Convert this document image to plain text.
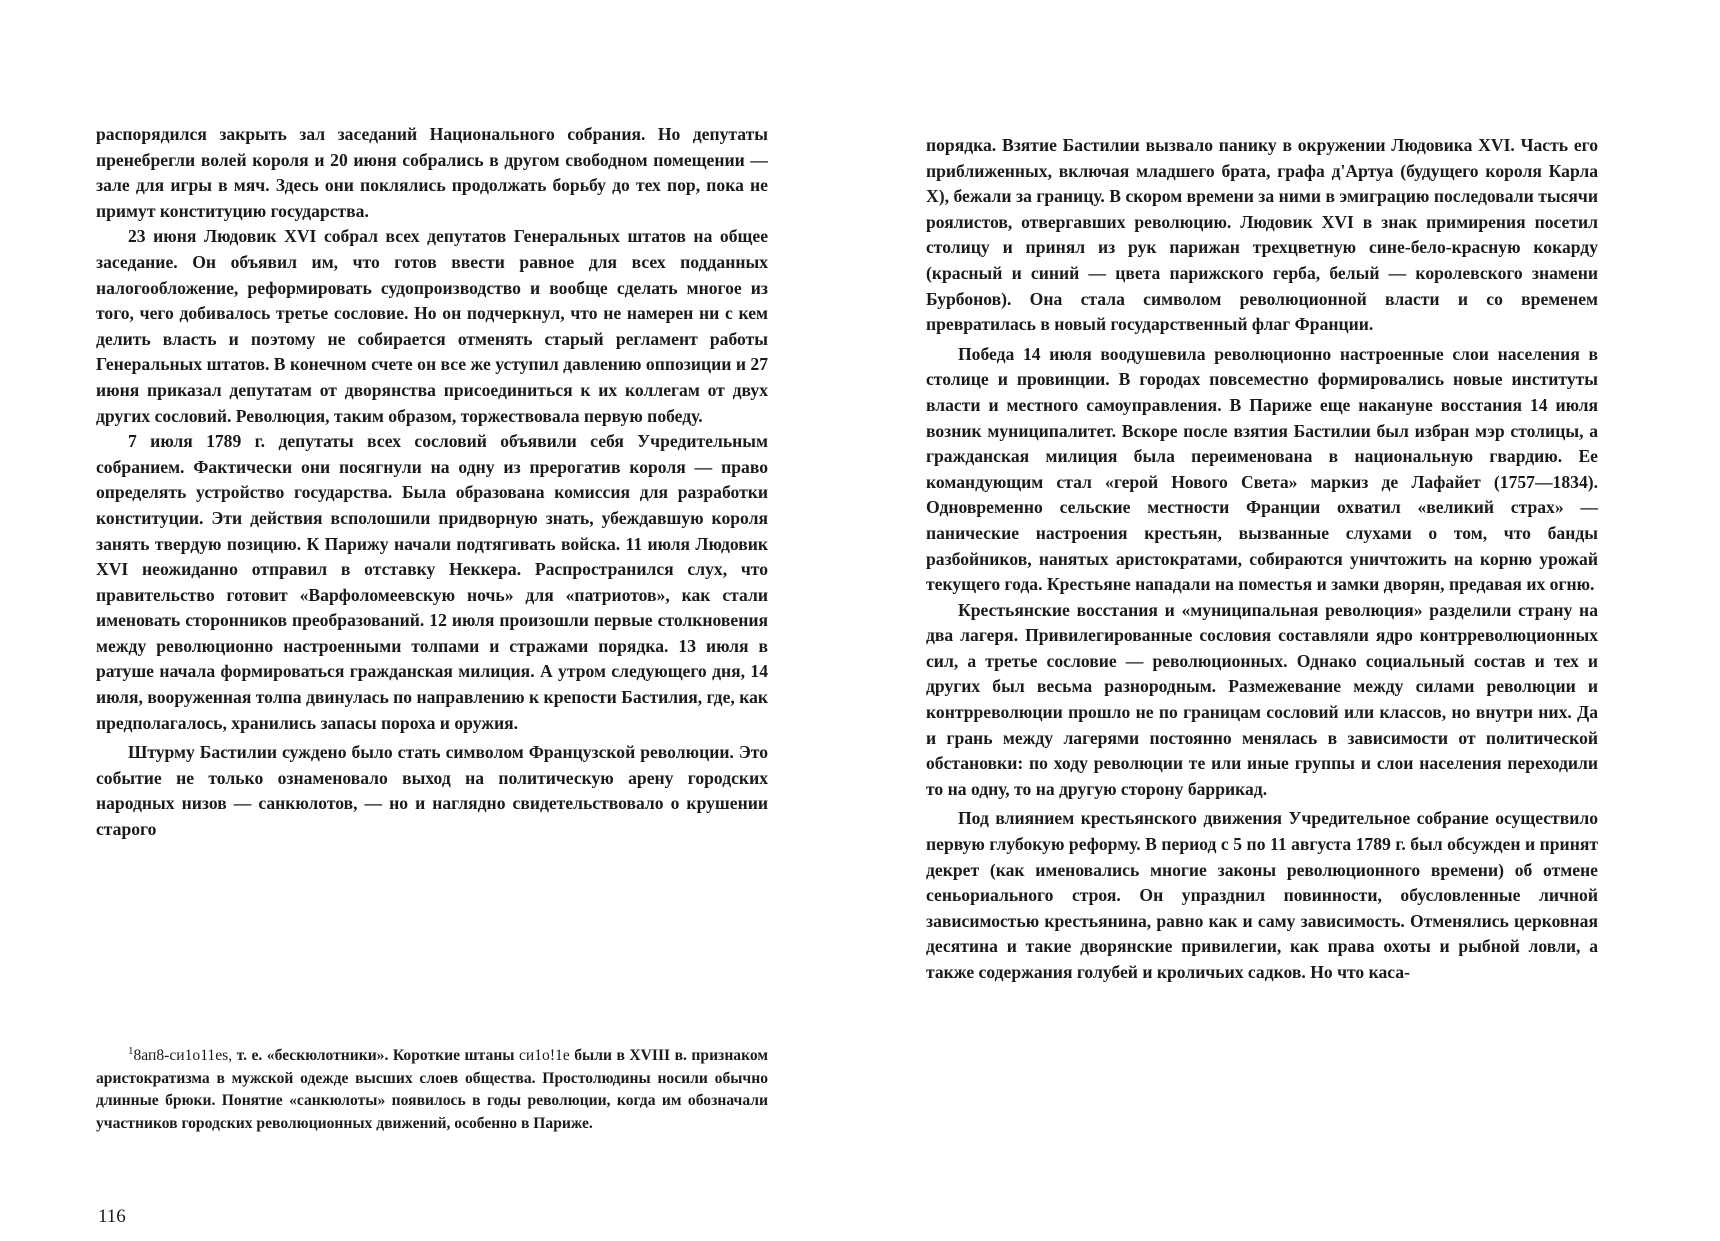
распорядился закрыть зал заседаний Национального собрания. Но депутаты пренебрегли волей короля и 20 июня собрались в другом свободном помещении — зале для игры в мяч. Здесь они поклялись продолжать борьбу до тех пор, пока не примут конституцию государства.

23 июня Людовик XVI собрал всех депутатов Генеральных штатов на общее заседание. Он объявил им, что готов ввести равное для всех подданных налогообложение, реформировать судопроизводство и вообще сделать многое из того, чего добивалось третье сословие. Но он подчеркнул, что не намерен ни с кем делить власть и поэтому не собирается отменять старый регламент работы Генеральных штатов. В конечном счете он все же уступил давлению оппозиции и 27 июня приказал депутатам от дворянства присоединиться к их коллегам от двух других сословий. Революция, таким образом, торжествовала первую победу.

7 июля 1789 г. депутаты всех сословий объявили себя Учредительным собранием. Фактически они посягнули на одну из прерогатив короля — право определять устройство государства. Была образована комиссия для разработки конституции. Эти действия всполошили придворную знать, убеждавшую короля занять твердую позицию. К Парижу начали подтягивать войска. 11 июля Людовик XVI неожиданно отправил в отставку Неккера. Распространился слух, что правительство готовит «Варфоломеевскую ночь» для «патриотов», как стали именовать сторонников преобразований. 12 июля произошли первые столкновения между революционно настроенными толпами и стражами порядка. 13 июля в ратуше начала формироваться гражданская милиция. А утром следующего дня, 14 июля, вооруженная толпа двинулась по направлению к крепости Бастилия, где, как предполагалось, хранились запасы пороха и оружия.

Штурму Бастилии суждено было стать символом Французской революции. Это событие не только ознаменовало выход на политическую арену городских народных низов — санкюлотов, — но и наглядно свидетельствовало о крушении старого

$^1$8ап8-си1о11еs, т. е. «бескюлотники». Короткие штаны си1о!1е были в XVIII в. признаком аристократизма в мужской одежде высших слоев общества. Простолюдины носили обычно длинные брюки. Понятие «санкюлоты» появилось в годы революции, когда им обозначали участников городских революционных движений, особенно в Париже.

116

порядка. Взятие Бастилии вызвало панику в окружении Людовика XVI. Часть его приближенных, включая младшего брата, графа д'Артуа (будущего короля Карла X), бежали за границу. В скором времени за ними в эмиграцию последовали тысячи роялистов, отвергавших революцию. Людовик XVI в знак примирения посетил столицу и принял из рук парижан трехцветную сине-бело-красную кокарду (красный и синий — цвета парижского герба, белый — королевского знамени Бурбонов). Она стала символом революционной власти и со временем превратилась в новый государственный флаг Франции.

Победа 14 июля воодушевила революционно настроенные слои населения в столице и провинции. В городах повсеместно формировались новые институты власти и местного самоуправления. В Париже еще накануне восстания 14 июля возник муниципалитет. Вскоре после взятия Бастилии был избран мэр столицы, а гражданская милиция была переименована в национальную гвардию. Ее командующим стал «герой Нового Света» маркиз де Лафайет (1757—1834). Одновременно сельские местности Франции охватил «великий страх» — панические настроения крестьян, вызванные слухами о том, что банды разбойников, нанятых аристократами, собираются уничтожить на корню урожай текущего года. Крестьяне нападали на поместья и замки дворян, предавая их огню.

Крестьянские восстания и «муниципальная революция» разделили страну на два лагеря. Привилегированные сословия составляли ядро контрреволюционных сил, а третье сословие — революционных. Однако социальный состав и тех и других был весьма разнородным. Размежевание между силами революции и контрреволюции прошло не по границам сословий или классов, но внутри них. Да и грань между лагерями постоянно менялась в зависимости от политической обстановки: по ходу революции те или иные группы и слои населения переходили то на одну, то на другую сторону баррикад.

Под влиянием крестьянского движения Учредительное собрание осуществило первую глубокую реформу. В период с 5 по 11 августа 1789 г. был обсужден и принят декрет (как именовались многие законы революционного времени) об отмене сеньориального строя. Он упразднил повинности, обусловленные личной зависимостью крестьянина, равно как и саму зависимость. Отменялись церковная десятина и такие дворянские привилегии, как права охоты и рыбной ловли, а также содержания голубей и кроличьих садков. Но что каса-
